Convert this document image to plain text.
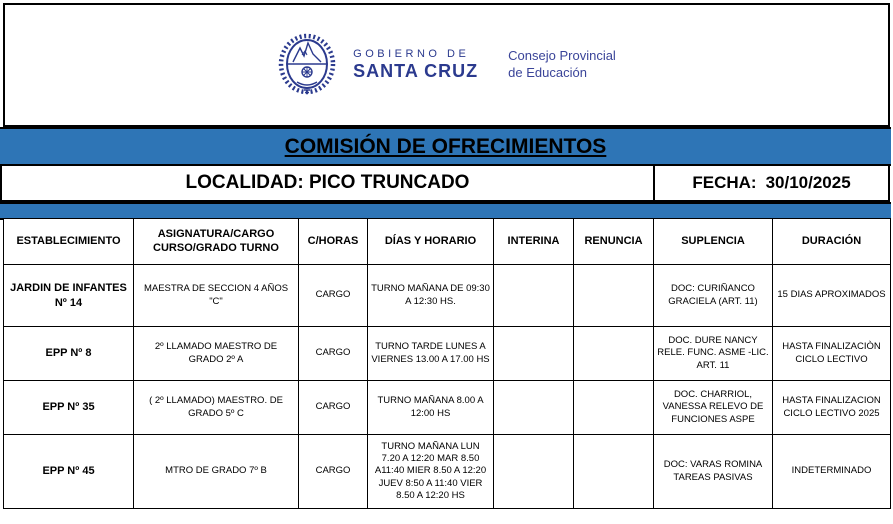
GOBIERNO DE
SANTA CRUZ
Consejo Provincial
de Educación
COMISIÓN DE OFRECIMIENTOS
LOCALIDAD: PICO TRUNCADO	FECHA: 30/10/2025
ESTABLECIMIENTO	ASIGNATURA/CARGO CURSO/GRADO TURNO	C/HORAS	DÍAS Y HORARIO	INTERINA	RENUNCIA	SUPLENCIA	DURACIÓN
JARDIN DE INFANTES Nº 14	MAESTRA DE SECCION 4 AÑOS "C"	CARGO	TURNO MAÑANA DE 09:30 A 12:30 HS.			DOC: CURIÑANCO GRACIELA (ART. 11)	15 DIAS APROXIMADOS
EPP Nº 8	2º LLAMADO MAESTRO DE GRADO 2º A	CARGO	TURNO TARDE LUNES A VIERNES 13.00 A 17.00 HS			DOC. DURE NANCY RELE. FUNC. ASME -LIC. ART. 11	HASTA FINALIZACIÒN CICLO LECTIVO
EPP Nº 35	( 2º LLAMADO) MAESTRO. DE GRADO 5º C	CARGO	TURNO MAÑANA 8.00 A 12:00 HS			DOC. CHARRIOL, VANESSA RELEVO DE FUNCIONES ASPE	HASTA FINALIZACION CICLO LECTIVO 2025
EPP Nº 45	MTRO DE GRADO 7º B	CARGO	TURNO MAÑANA LUN 7.20 A 12:20 MAR 8.50 A11:40 MIER 8.50 A 12:20 JUEV 8:50 A 11:40 VIER 8.50 A 12:20 HS			DOC: VARAS ROMINA TAREAS PASIVAS	INDETERMINADO
